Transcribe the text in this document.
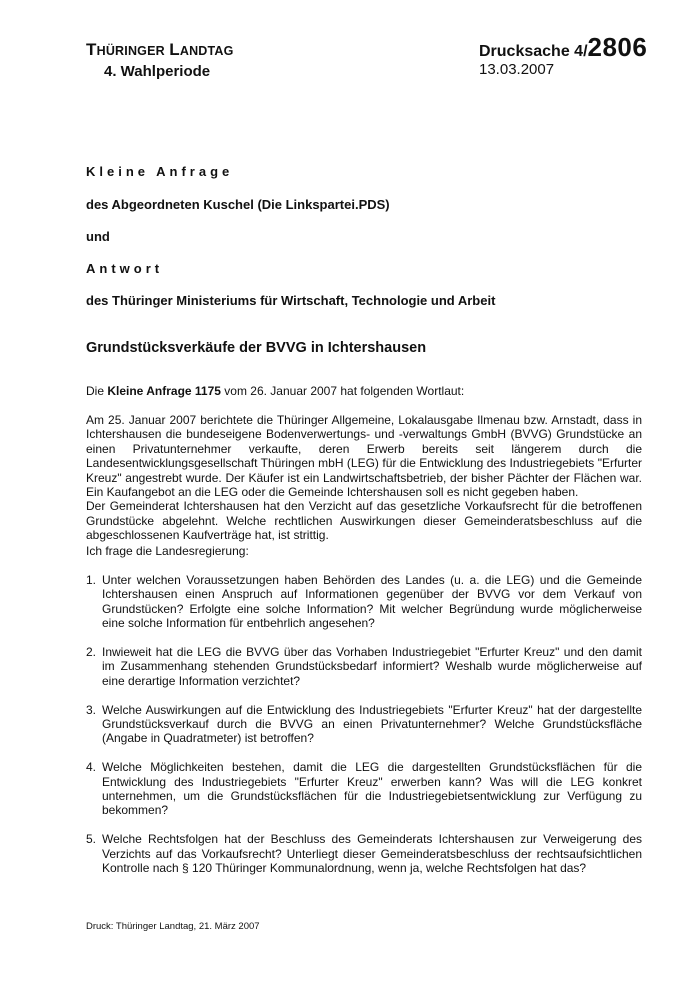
THÜRINGER LANDTAG
4. Wahlperiode
Drucksache 4/2806
13.03.2007
Kleine Anfrage
des Abgeordneten Kuschel (Die Linkspartei.PDS)
und
Antwort
des Thüringer Ministeriums für Wirtschaft, Technologie und Arbeit
Grundstücksverkäufe der BVVG in Ichtershausen
Die Kleine Anfrage 1175 vom 26. Januar 2007 hat folgenden Wortlaut:

Am 25. Januar 2007 berichtete die Thüringer Allgemeine, Lokalausgabe Ilmenau bzw. Arnstadt, dass in Ichtershausen die bundeseigene Bodenverwertungs- und -verwaltungs GmbH (BVVG) Grundstücke an einen Privatunternehmer verkaufte, deren Erwerb bereits seit längerem durch die Landesentwicklungsgesellschaft Thüringen mbH (LEG) für die Entwicklung des Industriegebiets "Erfurter Kreuz" angestrebt wurde. Der Käufer ist ein Landwirtschaftsbetrieb, der bisher Pächter der Flächen war. Ein Kaufangebot an die LEG oder die Gemeinde Ichtershausen soll es nicht gegeben haben.

Der Gemeinderat Ichtershausen hat den Verzicht auf das gesetzliche Vorkaufsrecht für die betroffenen Grundstücke abgelehnt. Welche rechtlichen Auswirkungen dieser Gemeinderatsbeschluss auf die abgeschlossenen Kaufverträge hat, ist strittig.

Ich frage die Landesregierung:
1. Unter welchen Voraussetzungen haben Behörden des Landes (u. a. die LEG) und die Gemeinde Ichtershausen einen Anspruch auf Informationen gegenüber der BVVG vor dem Verkauf von Grundstücken? Erfolgte eine solche Information? Mit welcher Begründung wurde möglicherweise eine solche Information für entbehrlich angesehen?
2. Inwieweit hat die LEG die BVVG über das Vorhaben Industriegebiet "Erfurter Kreuz" und den damit im Zusammenhang stehenden Grundstücksbedarf informiert? Weshalb wurde möglicherweise auf eine derartige Information verzichtet?
3. Welche Auswirkungen auf die Entwicklung des Industriegebiets "Erfurter Kreuz" hat der dargestellte Grundstücksverkauf durch die BVVG an einen Privatunternehmer? Welche Grundstücksfläche (Angabe in Quadratmeter) ist betroffen?
4. Welche Möglichkeiten bestehen, damit die LEG die dargestellten Grundstücksflächen für die Entwicklung des Industriegebiets "Erfurter Kreuz" erwerben kann? Was will die LEG konkret unternehmen, um die Grundstücksflächen für die Industriegebietsentwicklung zur Verfügung zu bekommen?
5. Welche Rechtsfolgen hat der Beschluss des Gemeinderats Ichtershausen zur Verweigerung des Verzichts auf das Vorkaufsrecht? Unterliegt dieser Gemeinderatsbeschluss der rechtsaufsichtlichen Kontrolle nach § 120 Thüringer Kommunalordnung, wenn ja, welche Rechtsfolgen hat das?
Druck: Thüringer Landtag, 21. März 2007
